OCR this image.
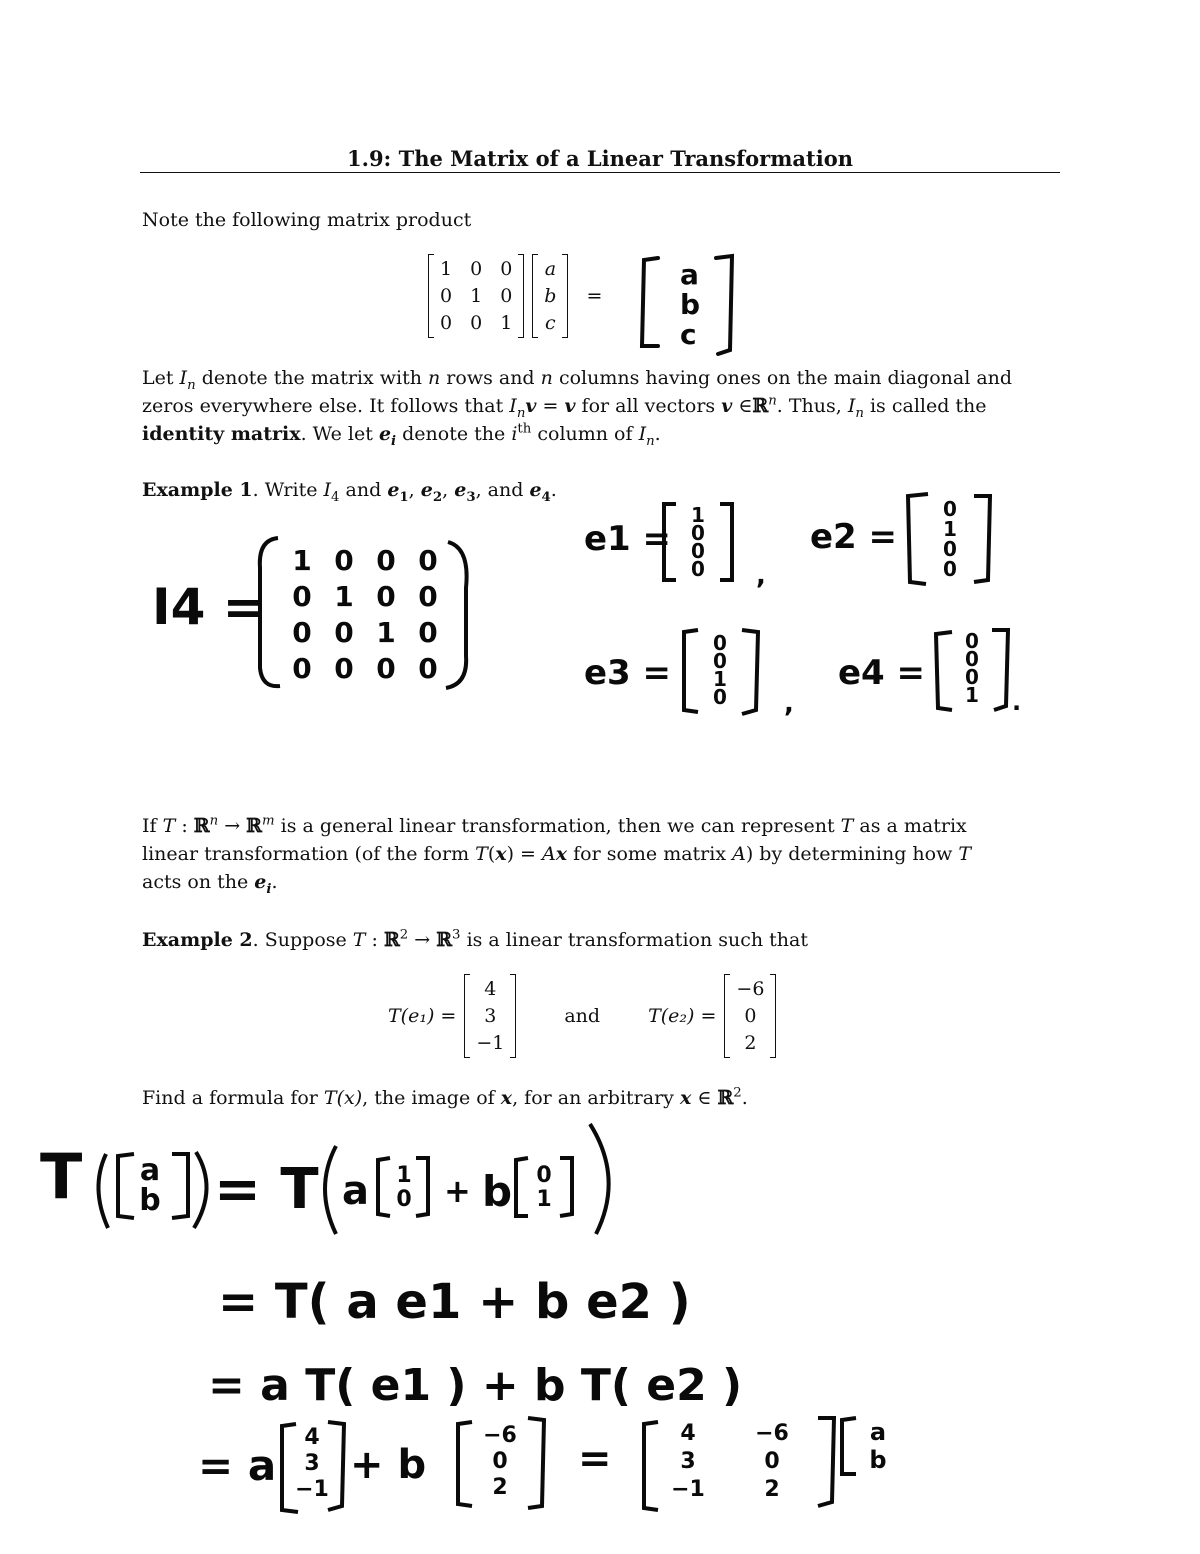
1.9: The Matrix of a Linear Transformation
Note the following matrix product
1 0 0
0 1 0
0 0 1
a
b
c
=
a
b
c
Let $I_n$ denote the matrix with n rows and n columns having ones on the main diagonal and
zeros everywhere else. It follows that $I_nv = v$ for all vectors v ∈ℝ$^n$. Thus, $I_n$ is called the
identity matrix. We let $e_i$ denote the $i^{th}$ column of $I_n$.
Example 1. Write $I_4$ and $e_1$, $e_2$, $e_3$, and $e_4$.
I4 =
1 0 0 0
0 1 0 0
0 0 1 0
0 0 0 0
e1 =
1
0
0
0 ,
e2 =
0
1
0
0
e3 =
0
0
1
0 ,
e4 =
0
0
0
1 .
If T : ℝ$^n$ → ℝ$^m$ is a general linear transformation, then we can represent T as a matrix
linear transformation (of the form T(x) = Ax for some matrix A) by determining how T
acts on the $e_i$.
Example 2. Suppose T : ℝ$^2$ → ℝ$^3$ is a linear transformation such that
T(e₁) =
4
3
−1
and	T(e₂) =
−6
0
2
Find a formula for T(x), the image of x, for an arbitrary x ∈ ℝ$^2$.
T a
b = T a 1
0 + b 0
1
= T( a e1 + b e2 )
= a T( e1 ) + b T( e2 )
= a
4
3
−1
+ b
−6
0
2
=
4	−6
3	0
−1	2
a
b
